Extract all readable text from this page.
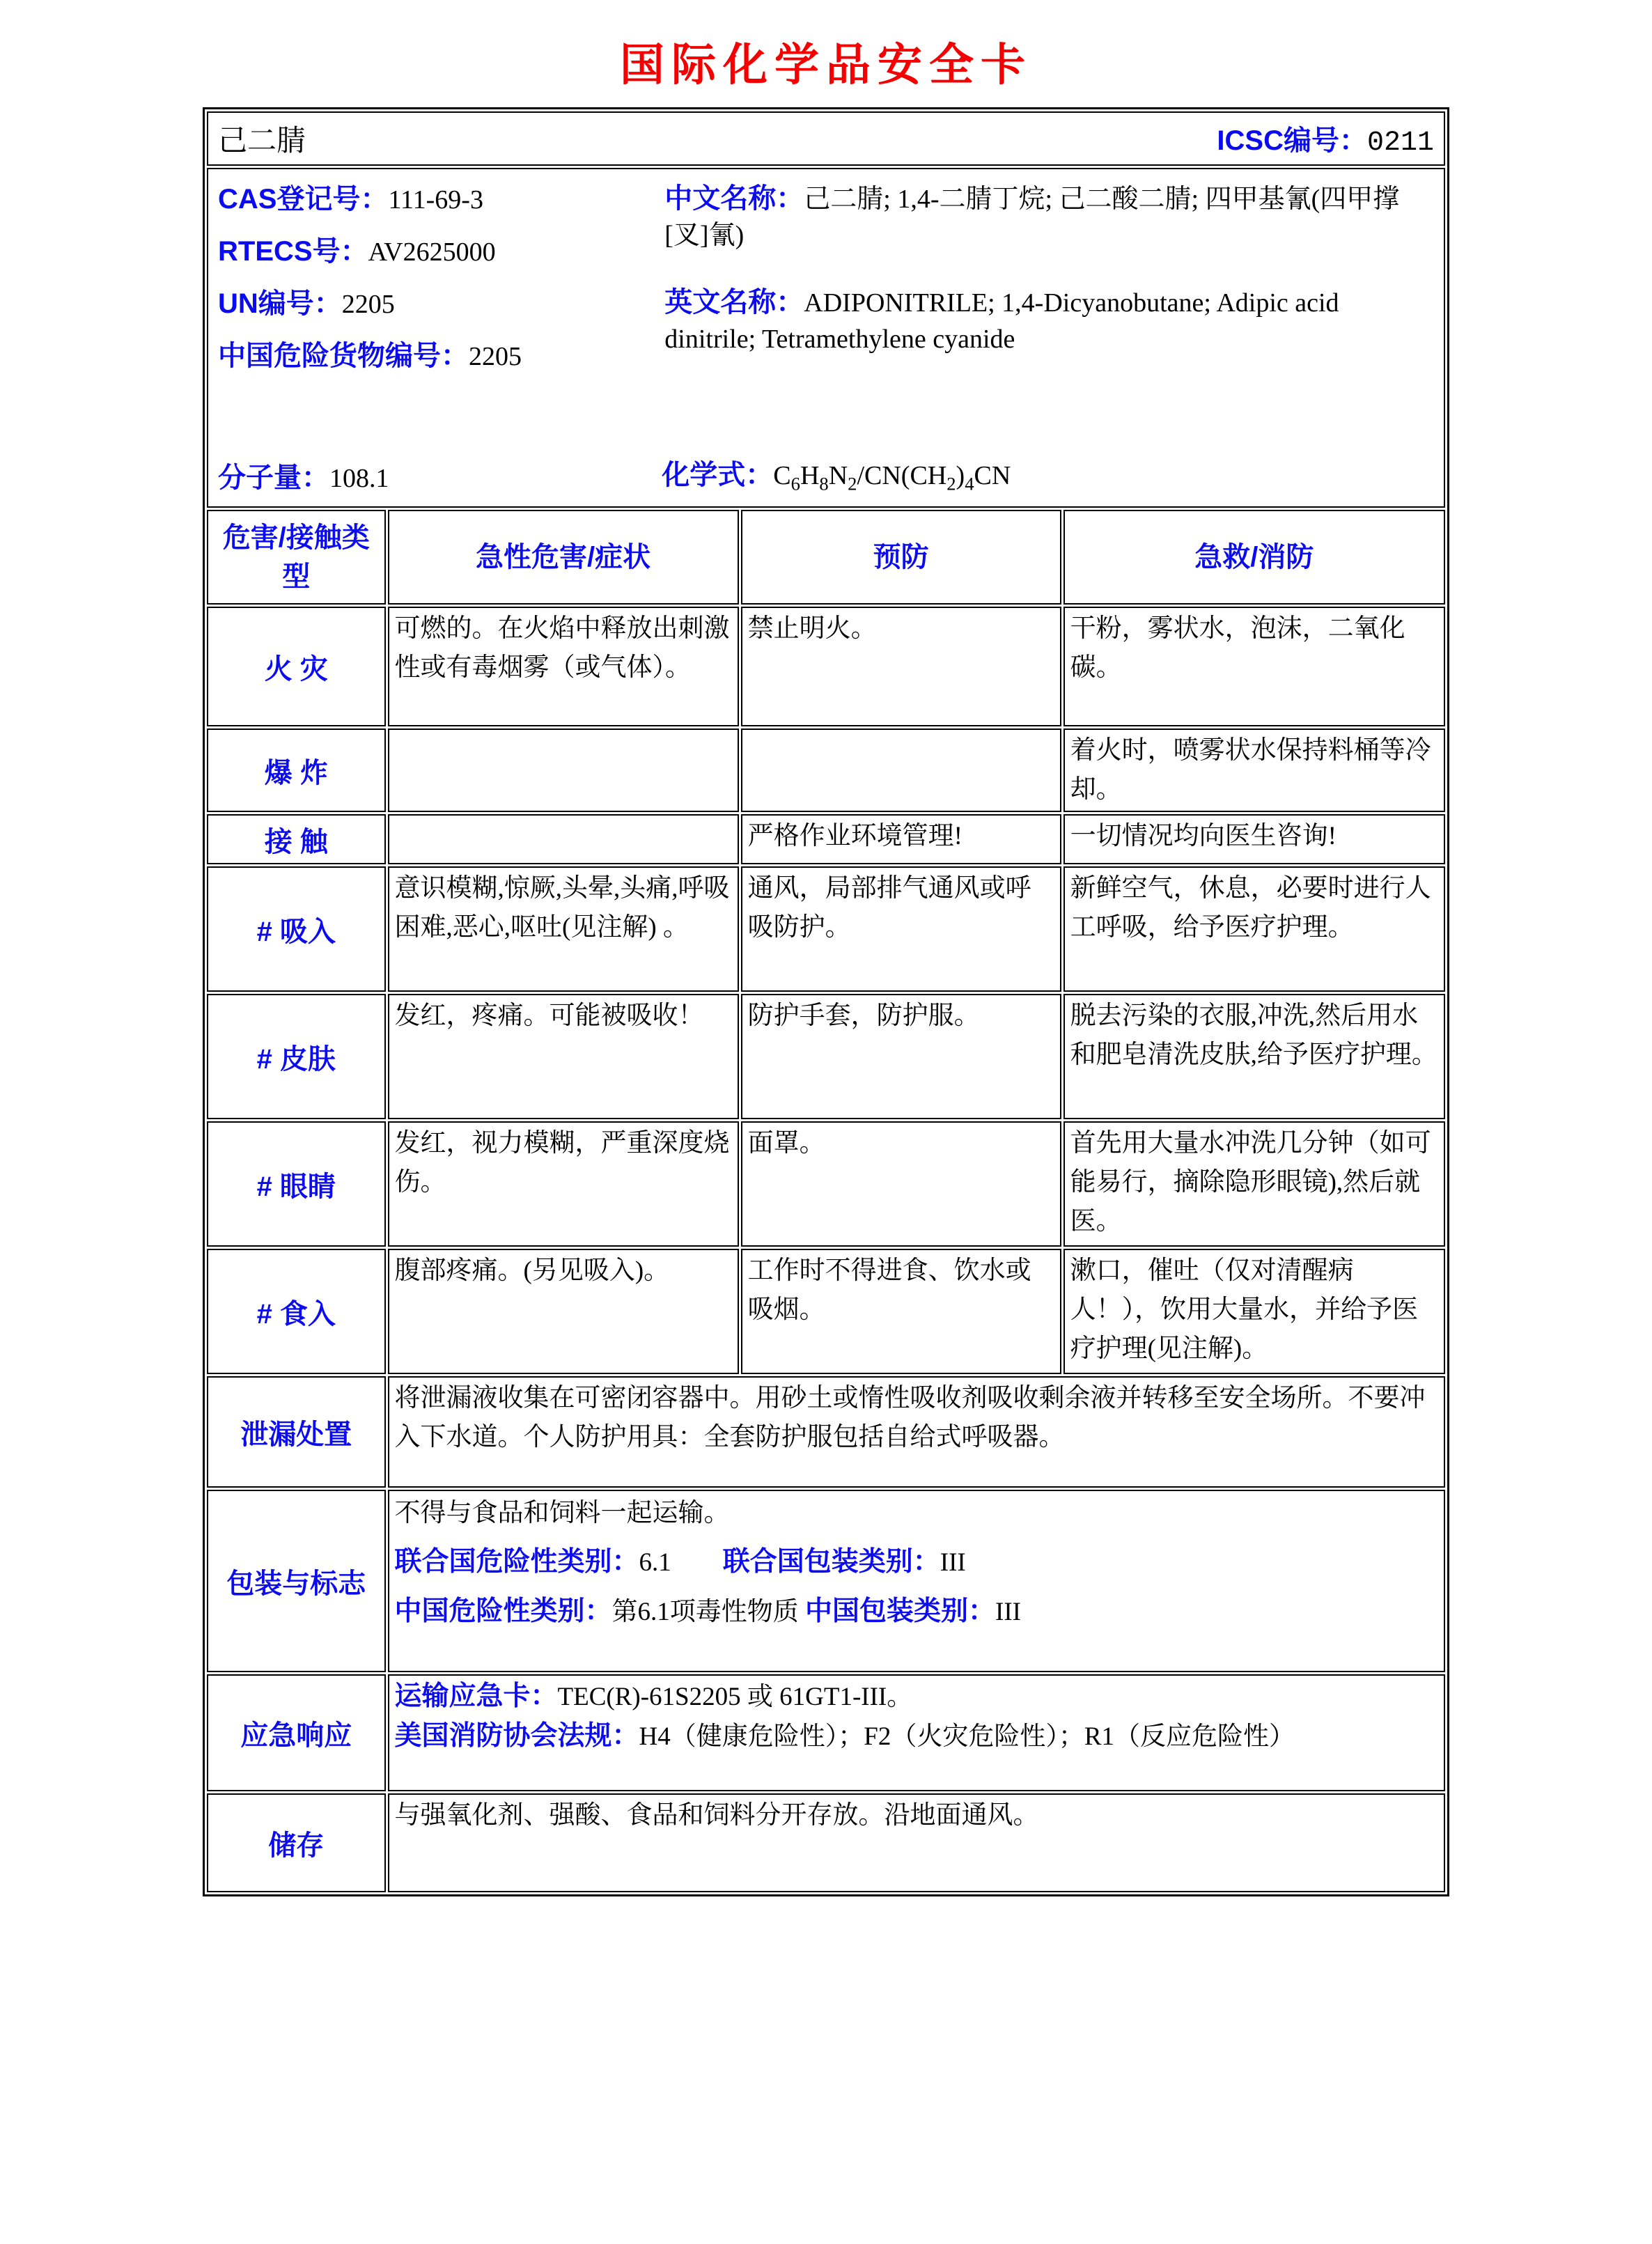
国际化学品安全卡
己二腈 ICSC编号：0211			

CAS登记号：111-69-3
RTECS号：AV2625000
UN编号：2205
中国危险货物编号：2205

中文名称：己二腈; 1,4-二腈丁烷; 己二酸二腈; 四甲基氰(四甲撑[叉]氰)

英文名称：ADIPONITRILE; 1,4-Dicyanobutane; Adipic acid dinitrile; Tetramethylene cyanide

分子量：108.1	化学式：$C_6H_8N_2/CN(CH_2)_4CN$

危害/接触类型	急性危害/症状	预防	急救/消防
火 灾	可燃的。在火焰中释放出刺激性或有毒烟雾（或气体）。	禁止明火。	干粉，雾状水，泡沫，二氧化碳。
爆 炸			着火时，喷雾状水保持料桶等冷却。
接 触		严格作业环境管理!	一切情况均向医生咨询!
# 吸入	意识模糊,惊厥,头晕,头痛,呼吸困难,恶心,呕吐(见注解) 。	通风，局部排气通风或呼吸防护。	新鲜空气，休息，必要时进行人工呼吸，给予医疗护理。
# 皮肤	发红，疼痛。可能被吸收！	防护手套，防护服。	脱去污染的衣服,冲洗,然后用水和肥皂清洗皮肤,给予医疗护理。
# 眼睛	发红，视力模糊，严重深度烧伤。	面罩。	首先用大量水冲洗几分钟（如可能易行，摘除隐形眼镜),然后就医。
# 食入	腹部疼痛。(另见吸入)。	工作时不得进食、饮水或吸烟。	漱口，催吐（仅对清醒病人！），饮用大量水，并给予医疗护理(见注解)。
泄漏处置	将泄漏液收集在可密闭容器中。用砂土或惰性吸收剂吸收剩余液并转移至安全场所。不要冲入下水道。个人防护用具：全套防护服包括自给式呼吸器。		

包装与标志	不得与食品和饲料一起运输。
联合国危险性类别：6.1　　联合国包装类别：III
中国危险性类别：第6.1项毒性物质 中国包装类别：III		

应急响应	运输应急卡：TEC(R)-61S2205 或 61GT1-III。
美国消防协会法规：H4（健康危险性）；F2（火灾危险性）；R1（反应危险性）		

储存	与强氧化剂、强酸、食品和饲料分开存放。沿地面通风。		
